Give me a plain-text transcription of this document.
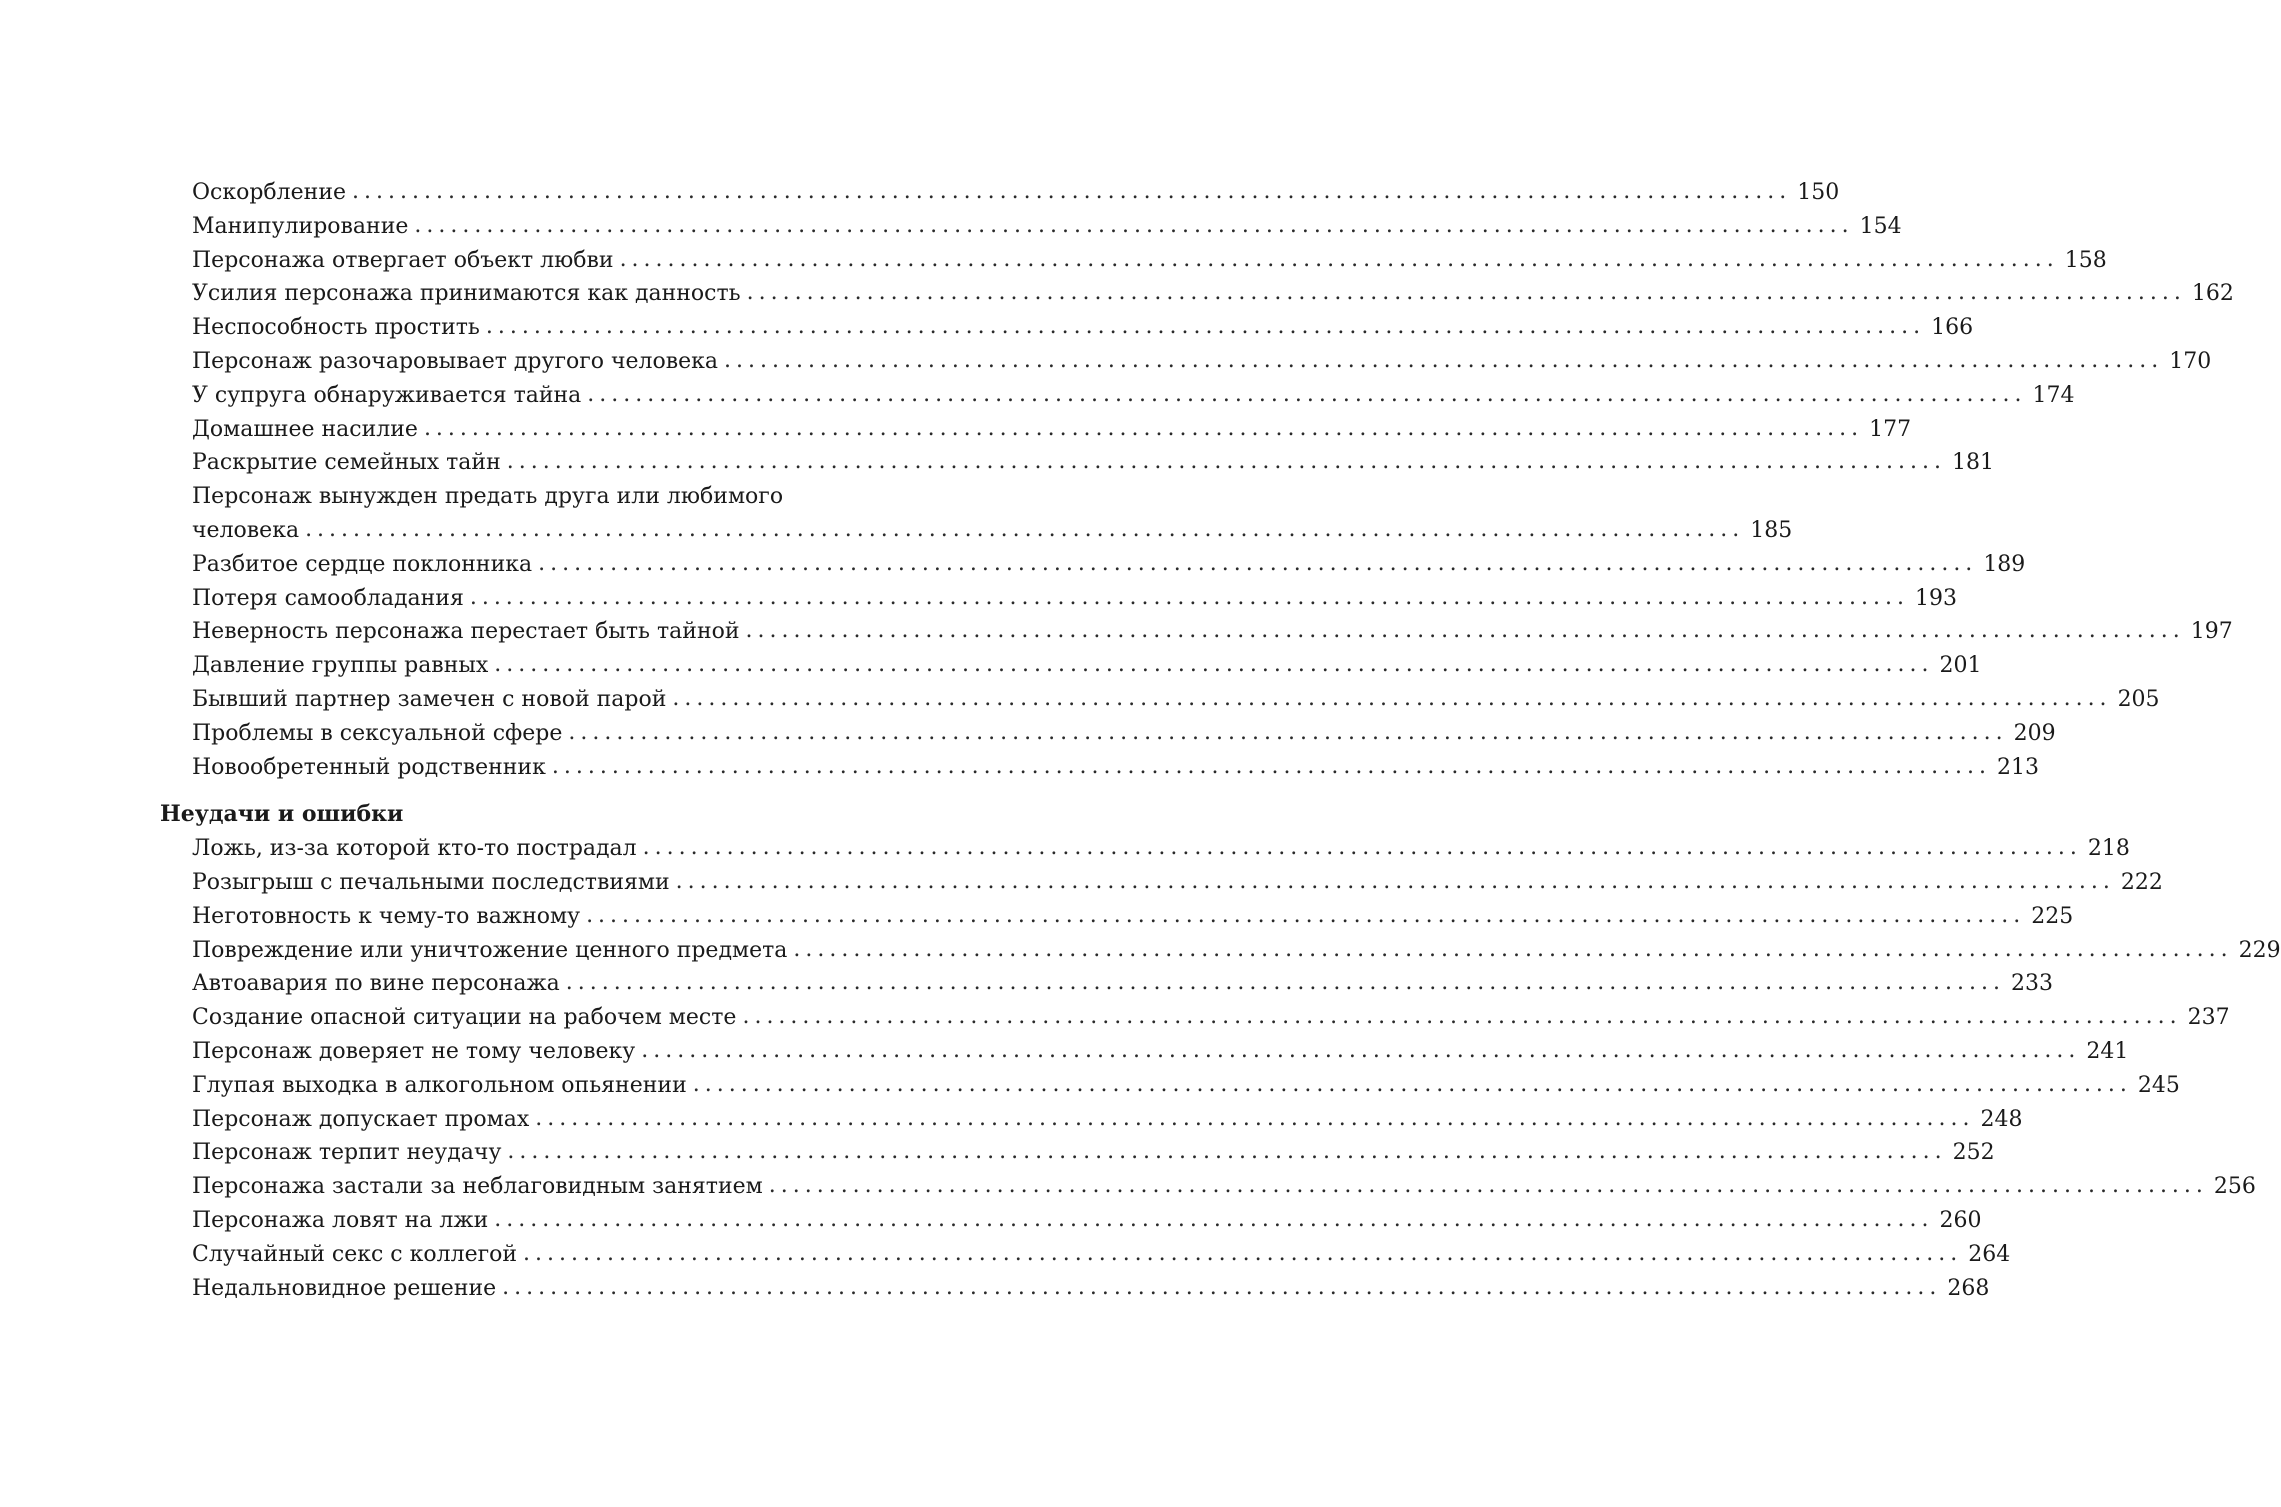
Оскорбление ........................................................................................................................ 150
Манипулирование ........................................................................................................................ 154
Персонажа отвергает объект любви ........................................................................................................................ 158
Усилия персонажа принимаются как данность ........................................................................................................................ 162
Неспособность простить ........................................................................................................................ 166
Персонаж разочаровывает другого человека ........................................................................................................................ 170
У супруга обнаруживается тайна ........................................................................................................................ 174
Домашнее насилие ........................................................................................................................ 177
Раскрытие семейных тайн ........................................................................................................................ 181
Персонаж вынужден предать друга или любимого
человека ........................................................................................................................ 185
Разбитое сердце поклонника ........................................................................................................................ 189
Потеря самообладания ........................................................................................................................ 193
Неверность персонажа перестает быть тайной ........................................................................................................................ 197
Давление группы равных ........................................................................................................................ 201
Бывший партнер замечен с новой парой ........................................................................................................................ 205
Проблемы в сексуальной сфере ........................................................................................................................ 209
Новообретенный родственник ........................................................................................................................ 213
Неудачи и ошибки
Ложь, из-за которой кто-то пострадал ........................................................................................................................ 218
Розыгрыш с печальными последствиями ........................................................................................................................ 222
Неготовность к чему-то важному ........................................................................................................................ 225
Повреждение или уничтожение ценного предмета ........................................................................................................................ 229
Автоавария по вине персонажа ........................................................................................................................ 233
Создание опасной ситуации на рабочем месте ........................................................................................................................ 237
Персонаж доверяет не тому человеку ........................................................................................................................ 241
Глупая выходка в алкогольном опьянении ........................................................................................................................ 245
Персонаж допускает промах ........................................................................................................................ 248
Персонаж терпит неудачу ........................................................................................................................ 252
Персонажа застали за неблаговидным занятием ........................................................................................................................ 256
Персонажа ловят на лжи ........................................................................................................................ 260
Случайный секс с коллегой ........................................................................................................................ 264
Недальновидное решение ........................................................................................................................ 268
